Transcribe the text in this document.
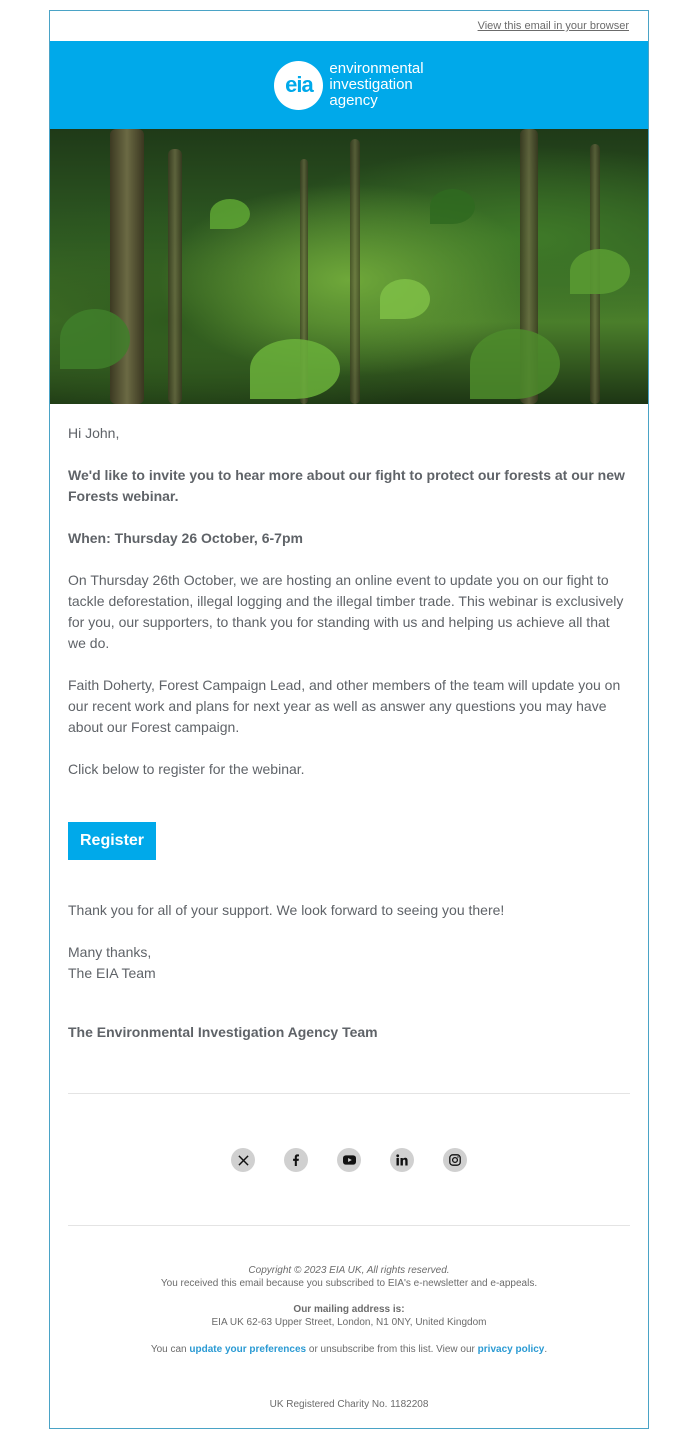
View this email in your browser
eia
environmental
investigation
agency

Hi John,

We'd like to invite you to hear more about our fight to protect our forests at our new Forests webinar.

When: Thursday 26 October, 6-7pm

On Thursday 26th October, we are hosting an online event to update you on our fight to tackle deforestation, illegal logging and the illegal timber trade. This webinar is exclusively for you, our supporters, to thank you for standing with us and helping us achieve all that we do.

Faith Doherty, Forest Campaign Lead, and other members of the team will update you on our recent work and plans for next year as well as answer any questions you may have about our Forest campaign.

Click below to register for the webinar.

Register

Thank you for all of your support. We look forward to seeing you there!

Many thanks,

The EIA Team

The Environmental Investigation Agency Team

Copyright © 2023 EIA UK, All rights reserved.
You received this email because you subscribed to EIA's e-newsletter and e-appeals.
Our mailing address is:
EIA UK 62-63 Upper Street, London, N1 0NY, United Kingdom
You can update your preferences or unsubscribe from this list. View our privacy policy.
UK Registered Charity No. 1182208
